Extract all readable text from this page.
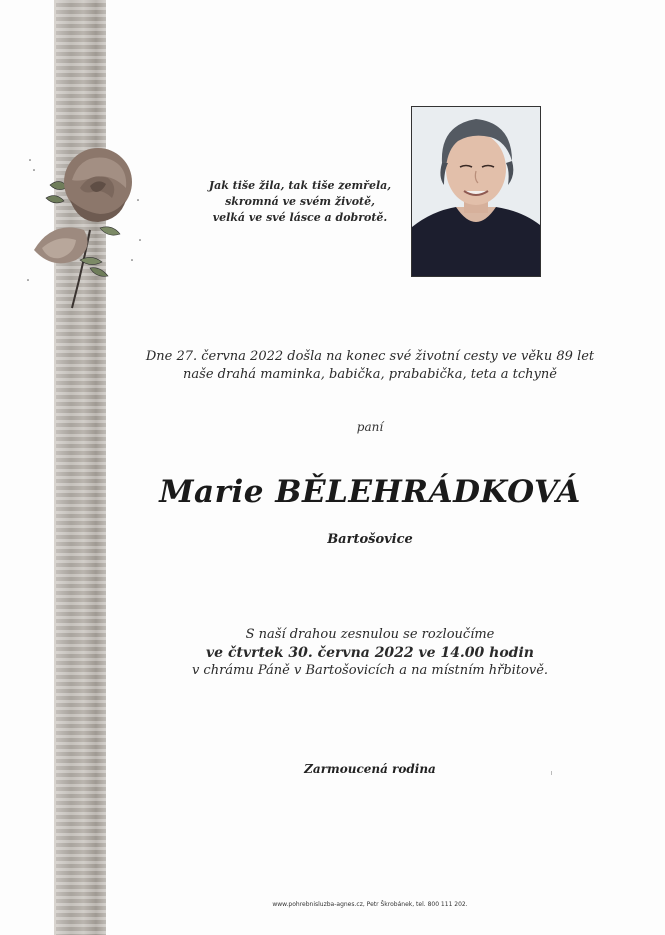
Jak tiše žila, tak tiše zemřela,
skromná ve svém životě,
velká ve své lásce a dobrotě.
Dne 27. června 2022 došla na konec své životní cesty ve věku 89 let
naše drahá maminka, babička, prababička, teta a tchyně
paní
Marie BĚLEHRÁDKOVÁ
Bartošovice
S naší drahou zesnulou se rozloučíme
ve čtvrtek 30. června 2022 ve 14.00 hodin
v chrámu Páně v Bartošovicích a na místním hřbitově.
Zarmoucená rodina
www.pohrebnisluzba-agnes.cz, Petr Škrobánek, tel. 800 111 202.
